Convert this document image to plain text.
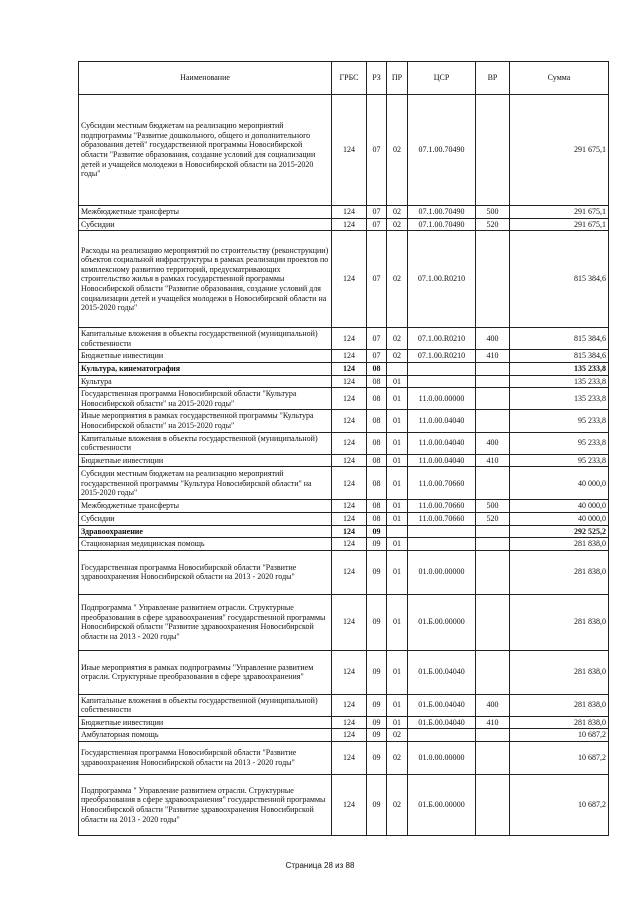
Наименование	ГРБС	РЗ	ПР	ЦСР	ВР	Сумма
Субсидии местным бюджетам на реализацию мероприятий подпрограммы "Развитие дошкольного, общего и дополнительного образования детей" государственной программы Новосибирской области "Развитие образования, создание условий для социализации детей и учащейся молодежи в Новосибирской области на 2015-2020 годы"	124	07	02	07.1.00.70490		291 675,1
Межбюджетные трансферты	124	07	02	07.1.00.70490	500	291 675,1
Субсидии	124	07	02	07.1.00.70490	520	291 675,1
Расходы на реализацию мероприятий по строительству (реконструкции) объектов социальной инфраструктуры в рамках реализации проектов по комплексному развитию территорий, предусматривающих строительство жилья в рамках государственной программы Новосибирской области "Развитие образования, создание условий для социализации детей и учащейся молодежи в Новосибирской области на 2015-2020 годы"	124	07	02	07.1.00.R0210		815 384,6
Капитальные вложения в объекты государственной (муниципальной) собственности	124	07	02	07.1.00.R0210	400	815 384,6
Бюджетные инвестиции	124	07	02	07.1.00.R0210	410	815 384,6
Культура, кинематография	124	08				135 233,8
Культура	124	08	01			135 233,8
Государственная программа Новосибирской области "Культура Новосибирской области" на 2015-2020 годы"	124	08	01	11.0.00.00000		135 233,8
Иные мероприятия в рамках государственной программы "Культура Новосибирской области" на 2015-2020 годы"	124	08	01	11.0.00.04040		95 233,8
Капитальные вложения в объекты государственной (муниципальной) собственности	124	08	01	11.0.00.04040	400	95 233,8
Бюджетные инвестиции	124	08	01	11.0.00.04040	410	95 233,8
Субсидии местным бюджетам на реализацию мероприятий государственной программы "Культура Новосибирской области" на 2015-2020 годы"	124	08	01	11.0.00.70660		40 000,0
Межбюджетные трансферты	124	08	01	11.0.00.70660	500	40 000,0
Субсидии	124	08	01	11.0.00.70660	520	40 000,0
Здравоохранение	124	09				292 525,2
Стационарная медицинская помощь	124	09	01			281 838,0
Государственная программа Новосибирской области "Развитие здравоохранения Новосибирской области на 2013 - 2020 годы"	124	09	01	01.0.00.00000		281 838,0
Подпрограмма " Управление развитием отрасли. Структурные преобразования в сфере здравоохранения" государственной программы Новосибирской области "Развитие здравоохранения Новосибирской области на 2013 - 2020 годы"	124	09	01	01.Б.00.00000		281 838,0
Иные мероприятия в рамках подпрограммы "Управление развитием отрасли. Структурные преобразования в сфере здравоохранения"	124	09	01	01.Б.00.04040		281 838,0
Капитальные вложения в объекты государственной (муниципальной) собственности	124	09	01	01.Б.00.04040	400	281 838,0
Бюджетные инвестиции	124	09	01	01.Б.00.04040	410	281 838,0
Амбулаторная помощь	124	09	02			10 687,2
Государственная программа Новосибирской области "Развитие здравоохранения Новосибирской области на 2013 - 2020 годы"	124	09	02	01.0.00.00000		10 687,2
Подпрограмма " Управление развитием отрасли. Структурные преобразования в сфере здравоохранения" государственной программы Новосибирской области "Развитие здравоохранения Новосибирской области на 2013 - 2020 годы"	124	09	02	01.Б.00.00000		10 687,2
Страница 28 из 88
